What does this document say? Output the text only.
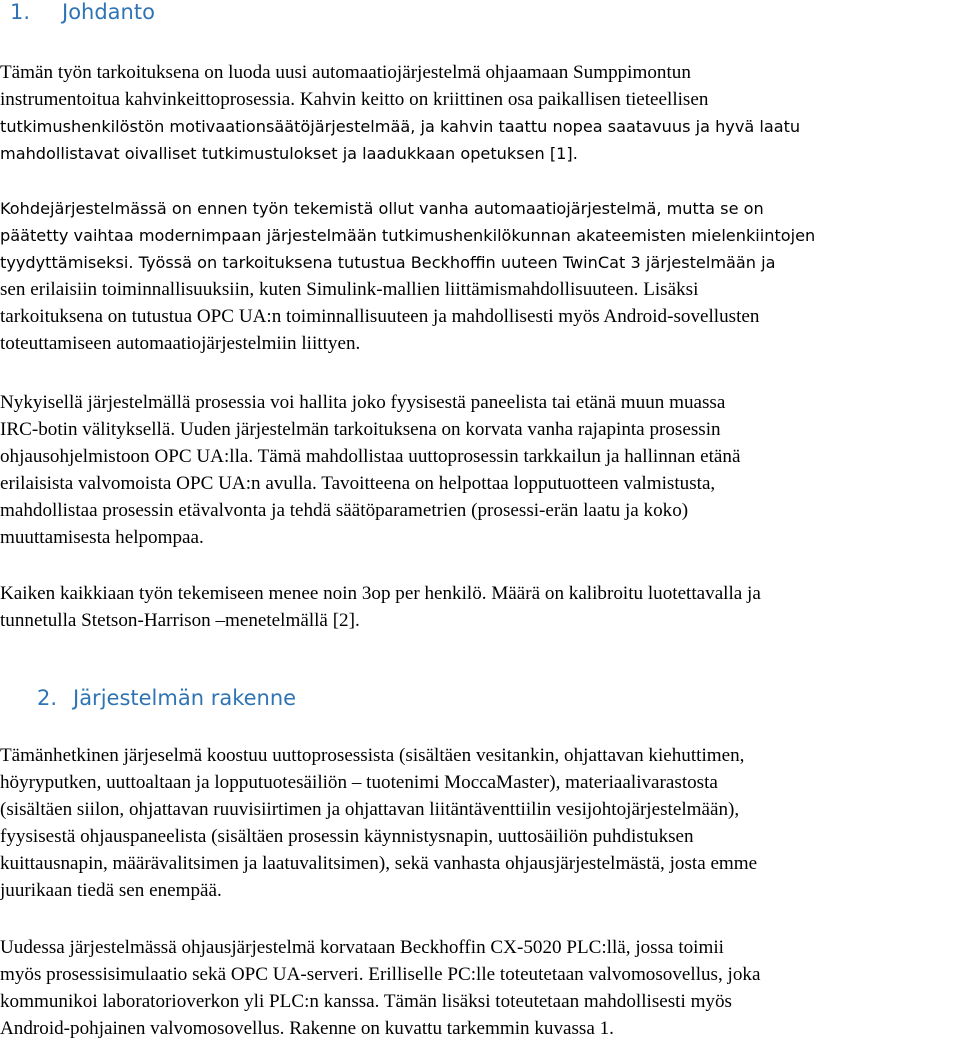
1. Johdanto

Tämän työn tarkoituksena on luoda uusi automaatiojärjestelmä ohjaamaan Sumppimontun
instrumentoitua kahvinkeittoprosessia. Kahvin keitto on kriittinen osa paikallisen tieteellisen
tutkimushenkilöstön motivaationsäätöjärjestelmää, ja kahvin taattu nopea saatavuus ja hyvä laatu
mahdollistavat oivalliset tutkimustulokset ja laadukkaan opetuksen [1].

Kohdejärjestelmässä on ennen työn tekemistä ollut vanha automaatiojärjestelmä, mutta se on
päätetty vaihtaa modernimpaan järjestelmään tutkimushenkilökunnan akateemisten mielenkiintojen
tyydyttämiseksi. Työssä on tarkoituksena tutustua Beckhoffin uuteen TwinCat 3 järjestelmään ja
sen erilaisiin toiminnallisuuksiin, kuten Simulink-mallien liittämismahdollisuuteen. Lisäksi
tarkoituksena on tutustua OPC UA:n toiminnallisuuteen ja mahdollisesti myös Android-sovellusten
toteuttamiseen automaatiojärjestelmiin liittyen.

Nykyisellä järjestelmällä prosessia voi hallita joko fyysisestä paneelista tai etänä muun muassa
IRC-botin välityksellä. Uuden järjestelmän tarkoituksena on korvata vanha rajapinta prosessin
ohjausohjelmistoon OPC UA:lla. Tämä mahdollistaa uuttoprosessin tarkkailun ja hallinnan etänä
erilaisista valvomoista OPC UA:n avulla. Tavoitteena on helpottaa lopputuotteen valmistusta,
mahdollistaa prosessin etävalvonta ja tehdä säätöparametrien (prosessi-erän laatu ja koko)
muuttamisesta helpompaa.

Kaiken kaikkiaan työn tekemiseen menee noin 3op per henkilö. Määrä on kalibroitu luotettavalla ja
tunnetulla Stetson-Harrison –menetelmällä [2].

2. Järjestelmän rakenne

Tämänhetkinen järjeselmä koostuu uuttoprosessista (sisältäen vesitankin, ohjattavan kiehuttimen,
höyryputken, uuttoaltaan ja lopputuotesäiliön – tuotenimi MoccaMaster), materiaalivarastosta
(sisältäen siilon, ohjattavan ruuvisiirtimen ja ohjattavan liitäntäventtiilin vesijohtojärjestelmään),
fyysisestä ohjauspaneelista (sisältäen prosessin käynnistysnapin, uuttosäiliön puhdistuksen
kuittausnapin, määrävalitsimen ja laatuvalitsimen), sekä vanhasta ohjausjärjestelmästä, josta emme
juurikaan tiedä sen enempää.

Uudessa järjestelmässä ohjausjärjestelmä korvataan Beckhoffin CX-5020 PLC:llä, jossa toimii
myös prosessisimulaatio sekä OPC UA-serveri. Erilliselle PC:lle toteutetaan valvomosovellus, joka
kommunikoi laboratorioverkon yli PLC:n kanssa. Tämän lisäksi toteutetaan mahdollisesti myös
Android-pohjainen valvomosovellus. Rakenne on kuvattu tarkemmin kuvassa 1.
